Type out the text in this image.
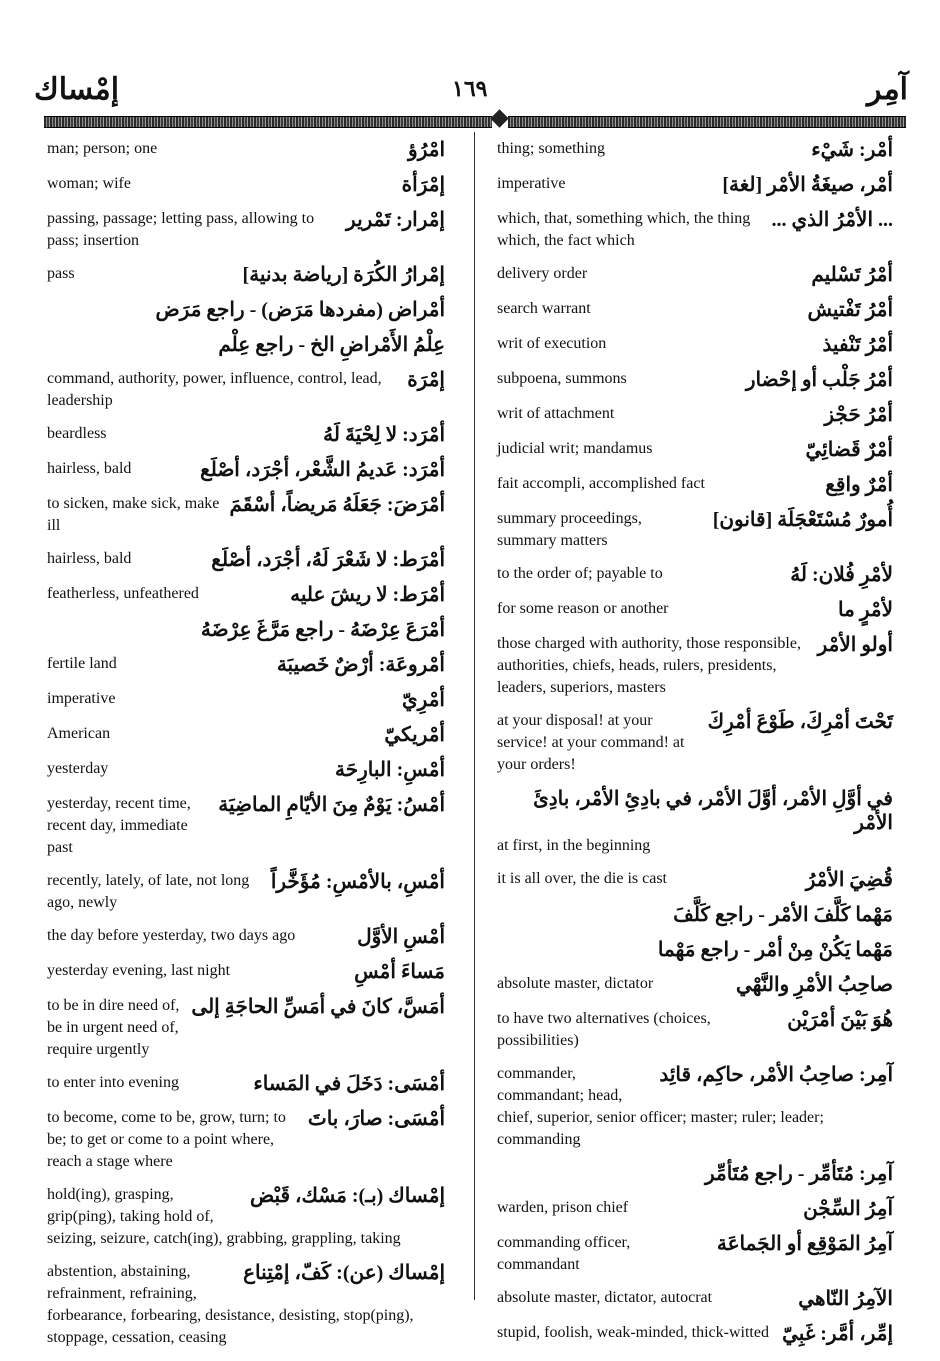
إمْساك	١٦٩	آمِر
امْرُؤ
man; person; one
إمْرَأة
woman; wife
إمْرار: تَمْرير
passing, passage; letting pass, allowing to pass; insertion
إمْرارُ الكُرَة [رياضة بدنية]
pass
أمْراض (مفردها مَرَض) - راجع مَرَض
عِلْمُ الأَمْراضِ الخ - راجع عِلْم
إمْرَة
command, authority, power, influence, control, lead, leadership
أمْرَد: لا لِحْيَةَ لَهُ
beardless
أمْرَد: عَديمُ الشَّعْر، أجْرَد، أصْلَع
hairless, bald
أمْرَضَ: جَعَلَهُ مَريضاً، أسْقَمَ
to sicken, make sick, make ill
أمْرَط: لا شَعْرَ لَهُ، أجْرَد، أصْلَع
hairless, bald
أمْرَط: لا ريشَ عليه
featherless, unfeathered
أمْرَعَ عِرْضَهُ - راجع مَرَّغَ عِرْضَهُ
أمْروعَة: أرْضٌ خَصيبَة
fertile land
أمْرِيّ
imperative
أمْريكيّ
American
أمْسِ: البارِحَة
yesterday
أمْسُ: يَوْمٌ مِنَ الأيّامِ الماضِيَة
yesterday, recent time, recent day, immediate past
أمْسِ، بالأمْسِ: مُؤَخَّراً
recently, lately, of late, not long ago, newly
أمْسِ الأوَّل
the day before yesterday, two days ago
مَساءَ أمْسِ
yesterday evening, last night
أمَسَّ، كانَ في أمَسِّ الحاجَةِ إلى
to be in dire need of, be in urgent need of, require urgently
أمْسَى: دَخَلَ في المَساء
to enter into evening
أمْسَى: صارَ، باتَ
to become, come to be, grow, turn; to be; to get or come to a point where, reach a stage where
إمْساك (بـ): مَسْك، قَبْض
hold(ing), grasping, grip(ping), taking hold of, seizing, seizure, catch(ing), grabbing, grappling, taking
إمْساك (عن): كَفّ، إمْتِناع
abstention, abstaining, refrainment, refraining, forbearance, forbearing, desistance, desisting, stop(ping), stoppage, cessation, ceasing
أمْر: شَيْء
thing; something
أمْر، صيغَةُ الأمْر [لغة]
imperative
... الأمْرُ الذي ...
which, that, something which, the thing which, the fact which
أمْرُ تَسْليم
delivery order
أمْرُ تَفْتيش
search warrant
أمْرُ تَنْفيذ
writ of execution
أمْرُ جَلْب أو إحْضار
subpoena, summons
أمْرُ حَجْز
writ of attachment
أمْرٌ قَضائِيّ
judicial writ; mandamus
أمْرٌ واقِع
fait accompli, accomplished fact
أُمورٌ مُسْتَعْجَلَة [قانون]
summary proceedings, summary matters
لأمْرِ فُلان: لَهُ
to the order of; payable to
لأمْرٍ ما
for some reason or another
أولو الأمْر
those charged with authority, those responsible, authorities, chiefs, heads, rulers, presidents, leaders, superiors, masters
تَحْتَ أمْرِكَ، طَوْعَ أمْرِكَ
at your disposal! at your service! at your command! at your orders!
في أوَّلِ الأمْر، أوَّلَ الأمْر، في بادِئِ الأمْر، بادِئَ الأمْر
at first, in the beginning
قُضِيَ الأمْرُ
it is all over, the die is cast
مَهْما كَلَّفَ الأمْر - راجع كَلَّفَ
مَهْما يَكُنْ مِنْ أمْر - راجع مَهْما
صاحِبُ الأمْرِ والنَّهْي
absolute master, dictator
هُوَ بَيْنَ أمْرَيْن
to have two alternatives (choices, possibilities)
آمِر: صاحِبُ الأمْر، حاكِم، قائِد
commander, commandant; head, chief, superior, senior officer; master; ruler; leader; commanding
آمِر: مُتَأمِّر - راجع مُتَأمِّر
آمِرُ السِّجْن
warden, prison chief
آمِرُ المَوْقِع أو الجَماعَة
commanding officer, commandant
الآمِرُ النّاهي
absolute master, dictator, autocrat
إمِّر، أمَّر: غَبِيّ
stupid, foolish, weak-minded, thick-witted
